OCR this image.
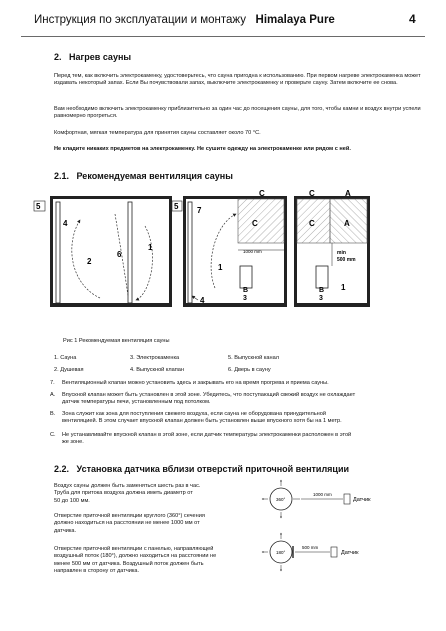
Инструкция по эксплуатации и монтажу Himalaya Pure	4
2. Нагрев сауны
Перед тем, как включить электрокаменку, удостоверьтесь, что сауна пригодна к использованию. При первом нагреве электрокаменка может издавать некоторый запах. Если Вы почувствовали запах, выключите электрокаменку и проверьте сауну. Затем включите ее снова.
Вам необходимо включить электрокаменку приблизительно за один час до посещения сауны, для того, чтобы камни и воздух внутри успели равномерно прогреться.
Комфортная, мягкая температура для принятия сауны составляет около 70 °С.
Не кладите никаких предметов на электрокаменку. Не сушите одежду на электрокаменке или рядом с ней.
2.1. Рекомендуемая вентиляция сауны
5
4
2
6
1
5 7
C
C
1000 mm
1
B
3
4
C	A
C	A
min
500 mm
1
B
3
Рис 1 Рекомендуемая вентиляция сауны
1. Сауна	3. Электрокаменка	5. Выпускной канал
2. Душевая	4. Выпускной клапан	6. Дверь в сауну
7. Вентиляционный клапан можно установить здесь и закрывать его на время прогрева и приема сауны.
A. Впускной клапан может быть установлен в этой зоне. Убедитесь, что поступающий свежий воздух не охлаждает
датчик температуры печи, установленным под потолком.
B. Зона служит как зона для поступления свежего воздуха, если сауна не оборудована принудительной
вентиляцией. В этом случает впускной клапан должен быть установлен выше впускного хотя бы на 1 метр.
C. Не устанавливайте впускной клапан в этой зоне, если датчик температуры электрокаменки расположен в этой
же зоне.
2.2. Установка датчика вблизи отверстий приточной вентиляции
Воздух сауны должен быть заменяться шесть раз в час.
Труба для притока воздуха должна иметь диаметр от
50 до 100 мм.
Отверстие приточной вентиляции круглого (360°) сечения
должно находиться на расстоянии не менее 1000 мм от
датчика.
Отверстие приточной вентиляции с панелью, направляющей
воздушный поток (180°), должно находиться на расстоянии не
менее 500 мм от датчика. Воздушный поток должен быть
направлен в сторону от датчика.
360°
1000 mm
Датчик
180°
500 mm
Датчик
